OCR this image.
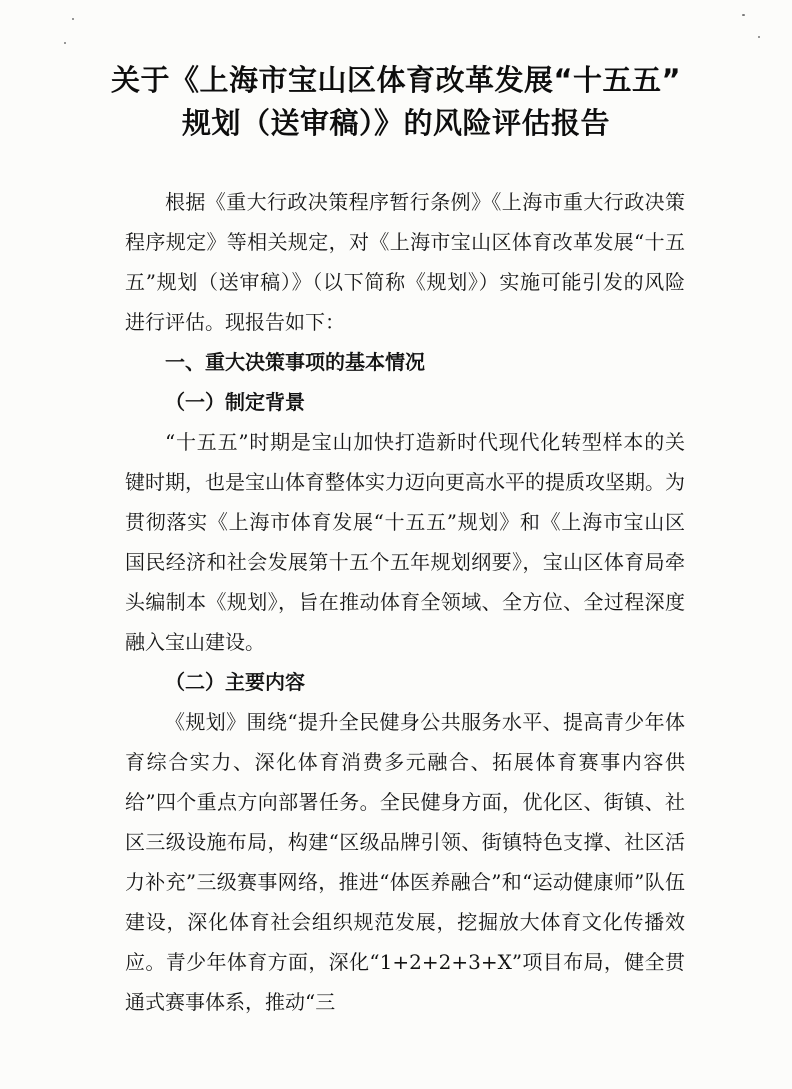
关于《上海市宝山区体育改革发展“十五五”
规划（送审稿）》的风险评估报告

根据《重大行政决策程序暂行条例》《上海市重大行政决策程序规定》等相关规定，对《上海市宝山区体育改革发展“十五五”规划（送审稿）》（以下简称《规划》）实施可能引发的风险进行评估。现报告如下：

一、重大决策事项的基本情况

（一）制定背景

“十五五”时期是宝山加快打造新时代现代化转型样本的关键时期，也是宝山体育整体实力迈向更高水平的提质攻坚期。为贯彻落实《上海市体育发展“十五五”规划》和《上海市宝山区国民经济和社会发展第十五个五年规划纲要》，宝山区体育局牵头编制本《规划》，旨在推动体育全领域、全方位、全过程深度融入宝山建设。

（二）主要内容

《规划》围绕“提升全民健身公共服务水平、提高青少年体育综合实力、深化体育消费多元融合、拓展体育赛事内容供给”四个重点方向部署任务。全民健身方面，优化区、街镇、社区三级设施布局，构建“区级品牌引领、街镇特色支撑、社区活力补充”三级赛事网络，推进“体医养融合”和“运动健康师”队伍建设，深化体育社会组织规范发展，挖掘放大体育文化传播效应。青少年体育方面，深化“1+2+2+3+X”项目布局，健全贯通式赛事体系，推动“三
